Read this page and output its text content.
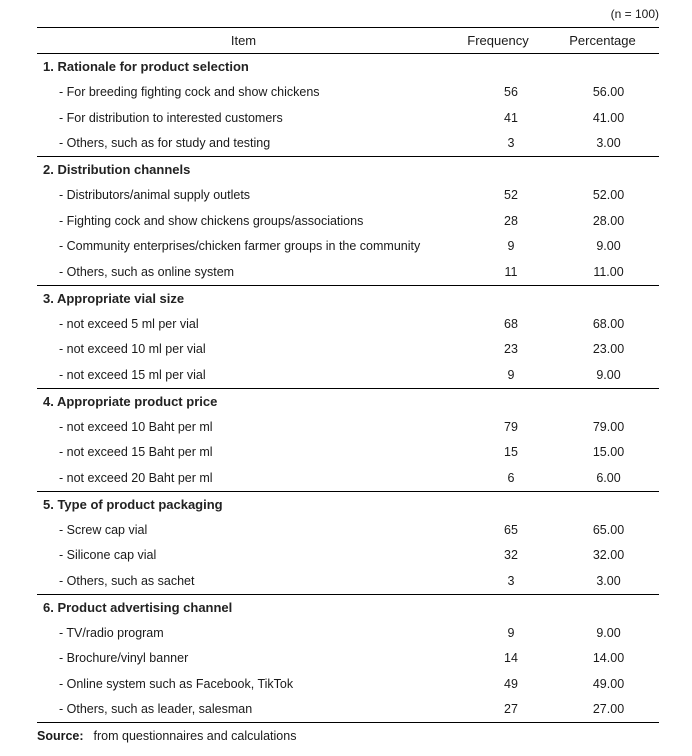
(n = 100)
Item	Frequency	Percentage
1. Rationale for product selection
- For breeding fighting cock and show chickens	56	56.00
- For distribution to interested customers	41	41.00
- Others, such as for study and testing	3	3.00
2. Distribution channels
- Distributors/animal supply outlets	52	52.00
- Fighting cock and show chickens groups/associations	28	28.00
- Community enterprises/chicken farmer groups in the community	9	9.00
- Others, such as online system	11	11.00
3. Appropriate vial size
- not exceed 5 ml per vial	68	68.00
- not exceed 10 ml per vial	23	23.00
- not exceed 15 ml per vial	9	9.00
4. Appropriate product price
- not exceed 10 Baht per ml	79	79.00
- not exceed 15 Baht per ml	15	15.00
- not exceed 20 Baht per ml	6	6.00
5. Type of product packaging
- Screw cap vial	65	65.00
- Silicone cap vial	32	32.00
- Others, such as sachet	3	3.00
6. Product advertising channel
- TV/radio program	9	9.00
- Brochure/vinyl banner	14	14.00
- Online system such as Facebook, TikTok	49	49.00
- Others, such as leader, salesman	27	27.00
Source: from questionnaires and calculations
